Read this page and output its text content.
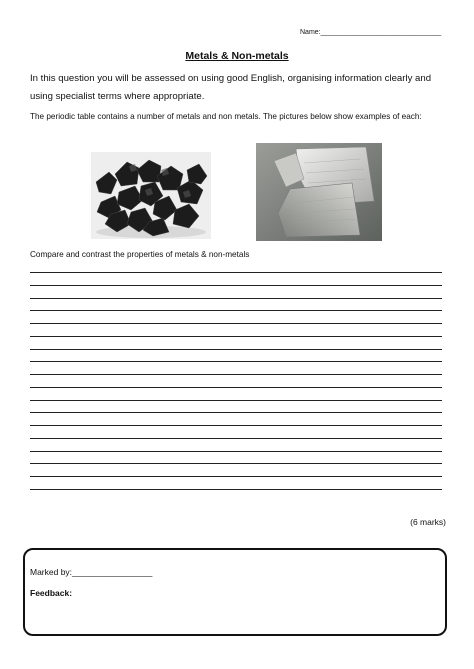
Name:_______________________________
Metals & Non-metals
In this question you will be assessed on using good English, organising information clearly and using specialist terms where appropriate.
The periodic table contains a number of metals and non metals. The pictures below show examples of each:
Compare and contrast the properties of metals & non-metals
(6 marks)
Marked by:_________________
Feedback:
